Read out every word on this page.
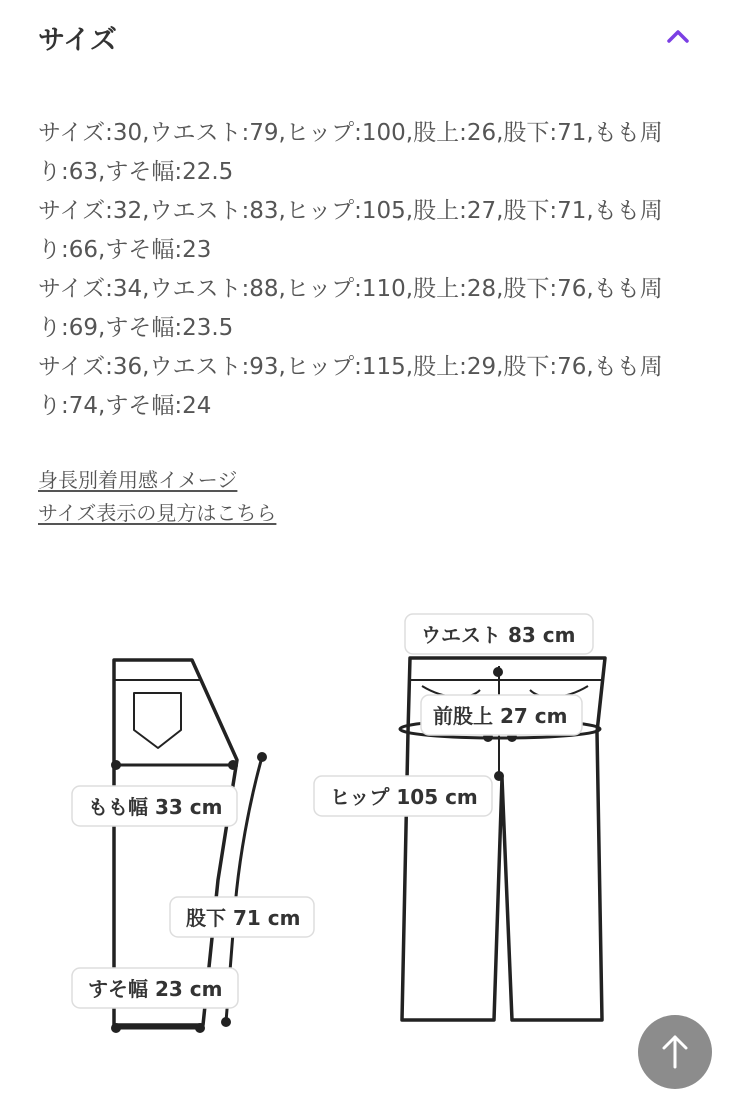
サイズ

サイズ:30,ウエスト:79,ヒップ:100,股上:26,股下:71,もも周り:63,すそ幅:22.5

サイズ:32,ウエスト:83,ヒップ:105,股上:27,股下:71,もも周り:66,すそ幅:23

サイズ:34,ウエスト:88,ヒップ:110,股上:28,股下:76,もも周り:69,すそ幅:23.5

サイズ:36,ウエスト:93,ヒップ:115,股上:29,股下:76,もも周り:74,すそ幅:24

身長別着用感イメージ
サイズ表示の見方はこちら
もも幅 33 cm
股下 71 cm
すそ幅 23 cm
ウエスト 83 cm
前股上 27 cm
ヒップ 105 cm
